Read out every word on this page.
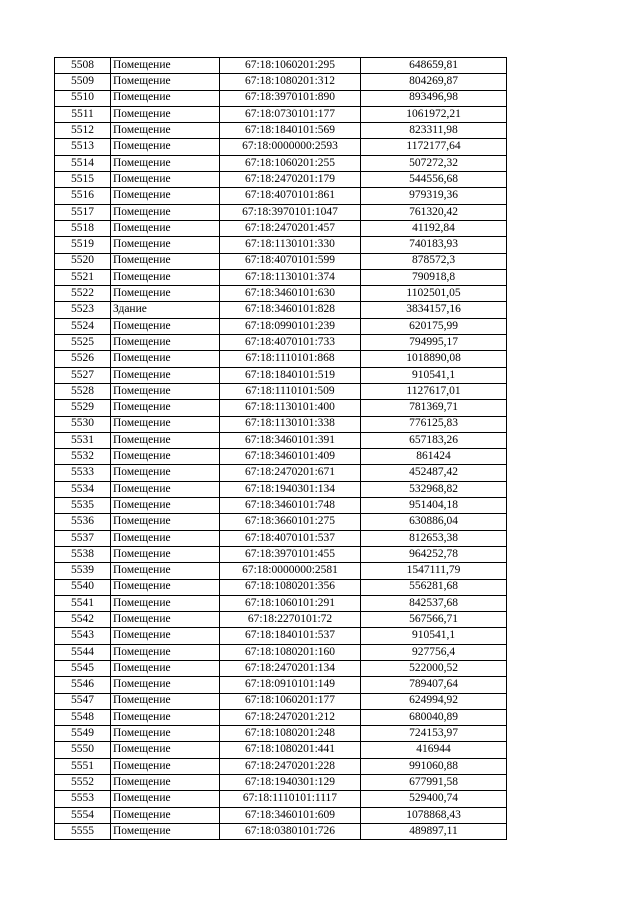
5508	Помещение	67:18:1060201:295	648659,81
5509	Помещение	67:18:1080201:312	804269,87
5510	Помещение	67:18:3970101:890	893496,98
5511	Помещение	67:18:0730101:177	1061972,21
5512	Помещение	67:18:1840101:569	823311,98
5513	Помещение	67:18:0000000:2593	1172177,64
5514	Помещение	67:18:1060201:255	507272,32
5515	Помещение	67:18:2470201:179	544556,68
5516	Помещение	67:18:4070101:861	979319,36
5517	Помещение	67:18:3970101:1047	761320,42
5518	Помещение	67:18:2470201:457	41192,84
5519	Помещение	67:18:1130101:330	740183,93
5520	Помещение	67:18:4070101:599	878572,3
5521	Помещение	67:18:1130101:374	790918,8
5522	Помещение	67:18:3460101:630	1102501,05
5523	Здание	67:18:3460101:828	3834157,16
5524	Помещение	67:18:0990101:239	620175,99
5525	Помещение	67:18:4070101:733	794995,17
5526	Помещение	67:18:1110101:868	1018890,08
5527	Помещение	67:18:1840101:519	910541,1
5528	Помещение	67:18:1110101:509	1127617,01
5529	Помещение	67:18:1130101:400	781369,71
5530	Помещение	67:18:1130101:338	776125,83
5531	Помещение	67:18:3460101:391	657183,26
5532	Помещение	67:18:3460101:409	861424
5533	Помещение	67:18:2470201:671	452487,42
5534	Помещение	67:18:1940301:134	532968,82
5535	Помещение	67:18:3460101:748	951404,18
5536	Помещение	67:18:3660101:275	630886,04
5537	Помещение	67:18:4070101:537	812653,38
5538	Помещение	67:18:3970101:455	964252,78
5539	Помещение	67:18:0000000:2581	1547111,79
5540	Помещение	67:18:1080201:356	556281,68
5541	Помещение	67:18:1060101:291	842537,68
5542	Помещение	67:18:2270101:72	567566,71
5543	Помещение	67:18:1840101:537	910541,1
5544	Помещение	67:18:1080201:160	927756,4
5545	Помещение	67:18:2470201:134	522000,52
5546	Помещение	67:18:0910101:149	789407,64
5547	Помещение	67:18:1060201:177	624994,92
5548	Помещение	67:18:2470201:212	680040,89
5549	Помещение	67:18:1080201:248	724153,97
5550	Помещение	67:18:1080201:441	416944
5551	Помещение	67:18:2470201:228	991060,88
5552	Помещение	67:18:1940301:129	677991,58
5553	Помещение	67:18:1110101:1117	529400,74
5554	Помещение	67:18:3460101:609	1078868,43
5555	Помещение	67:18:0380101:726	489897,11
